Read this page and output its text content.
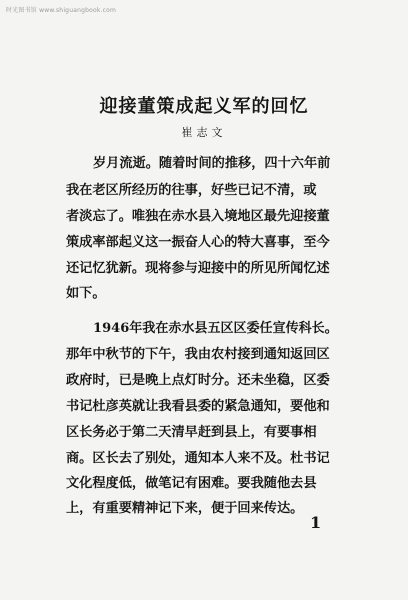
时光图书馆 www.shiguangbook.com
迎接董策成起义军的回忆
崔志文
岁月流逝。随着时间的推移，四十六年前
我在老区所经历的往事，好些已记不清，或
者淡忘了。唯独在赤水县入境地区最先迎接董
策成率部起义这一振奋人心的特大喜事，至今
还记忆犹新。现将参与迎接中的所见所闻忆述
如下。
1946年我在赤水县五区区委任宣传科长。
那年中秋节的下午，我由农村接到通知返回区
政府时，已是晚上点灯时分。还未坐稳，区委
书记杜彦英就让我看县委的紧急通知，要他和
区长务必于第二天清早赶到县上，有要事相
商。区长去了别处，通知本人来不及。杜书记
文化程度低，做笔记有困难。要我随他去县
上，有重要精神记下来，便于回来传达。
1
